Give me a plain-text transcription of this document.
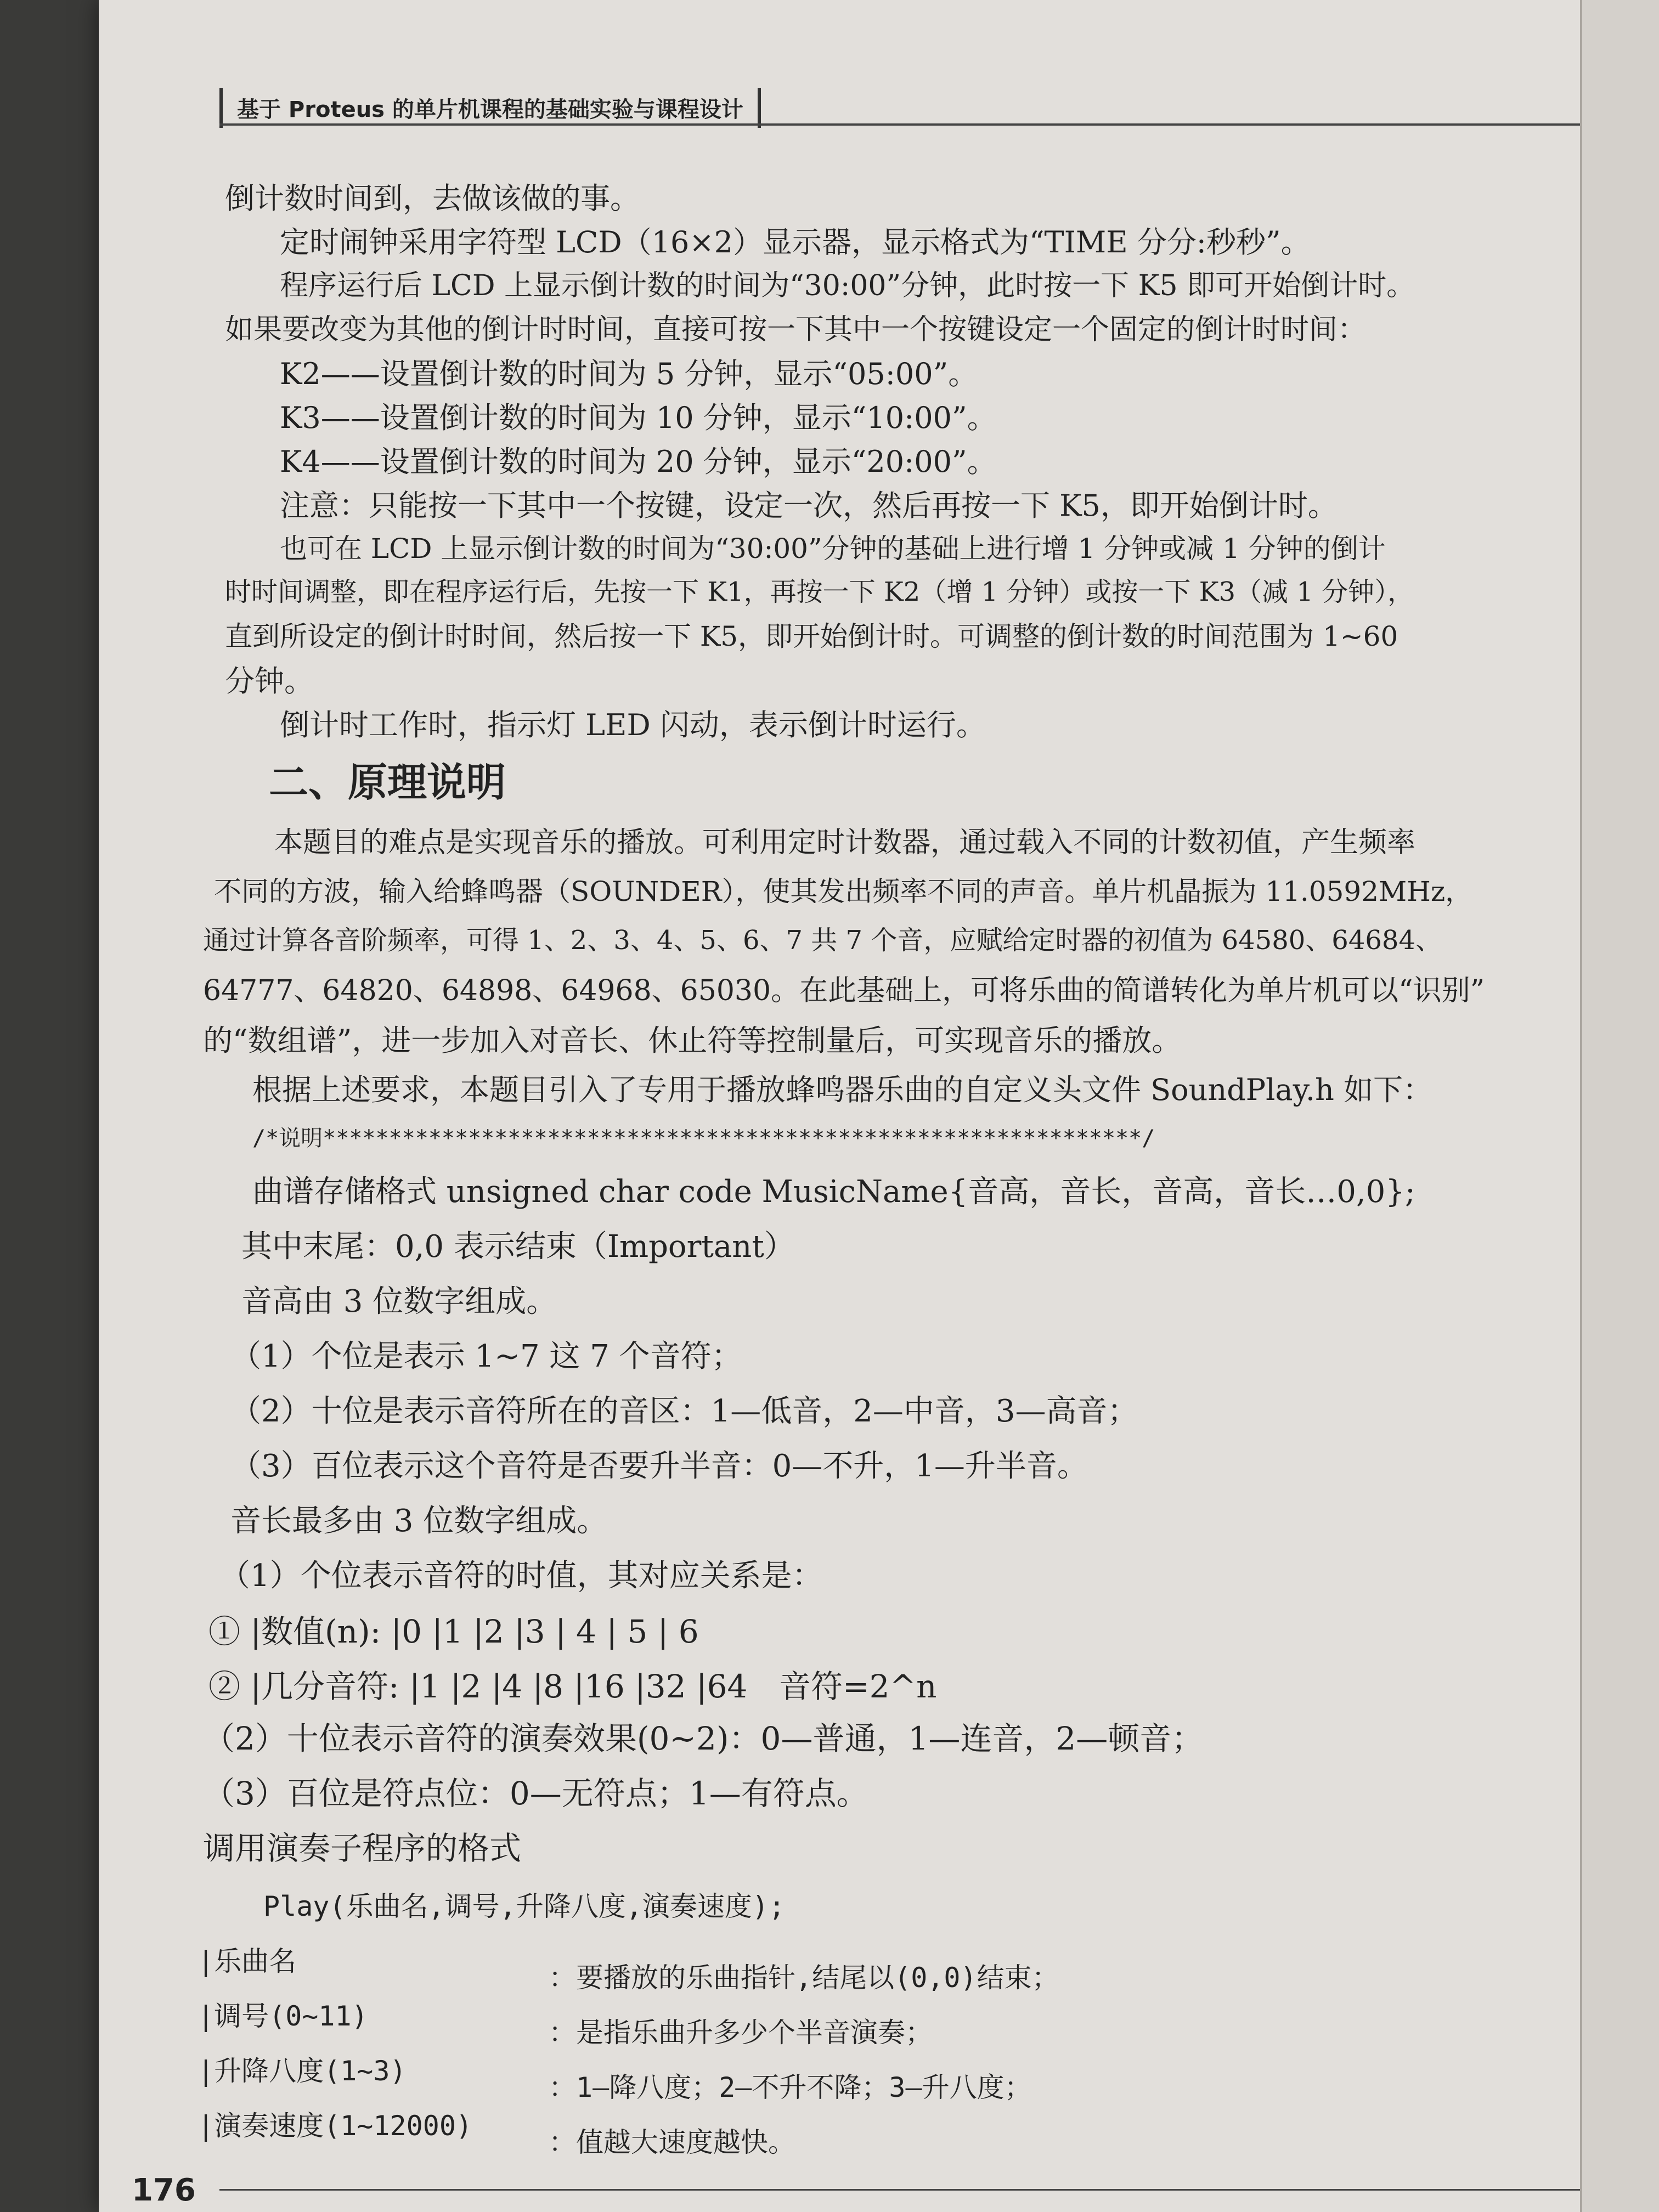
基于 Proteus 的单片机课程的基础实验与课程设计
倒计数时间到，去做该做的事。
定时闹钟采用字符型 LCD（16×2）显示器，显示格式为“TIME 分分:秒秒”。
程序运行后 LCD 上显示倒计数的时间为“30:00”分钟，此时按一下 K5 即可开始倒计时。
如果要改变为其他的倒计时时间，直接可按一下其中一个按键设定一个固定的倒计时时间：
K2——设置倒计数的时间为 5 分钟，显示“05:00”。
K3——设置倒计数的时间为 10 分钟，显示“10:00”。
K4——设置倒计数的时间为 20 分钟，显示“20:00”。
注意：只能按一下其中一个按键，设定一次，然后再按一下 K5，即开始倒计时。
也可在 LCD 上显示倒计数的时间为“30:00”分钟的基础上进行增 1 分钟或减 1 分钟的倒计
时时间调整，即在程序运行后，先按一下 K1，再按一下 K2（增 1 分钟）或按一下 K3（减 1 分钟），
直到所设定的倒计时时间，然后按一下 K5，即开始倒计时。可调整的倒计数的时间范围为 1~60
分钟。
倒计时工作时，指示灯 LED 闪动，表示倒计时运行。
二、原理说明
本题目的难点是实现音乐的播放。可利用定时计数器，通过载入不同的计数初值，产生频率
不同的方波，输入给蜂鸣器（SOUNDER），使其发出频率不同的声音。单片机晶振为 11.0592MHz，
通过计算各音阶频率，可得 1、2、3、4、5、6、7 共 7 个音，应赋给定时器的初值为 64580、64684、
64777、64820、64898、64968、65030。在此基础上，可将乐曲的简谱转化为单片机可以“识别”
的“数组谱”，进一步加入对音长、休止符等控制量后，可实现音乐的播放。
根据上述要求，本题目引入了专用于播放蜂鸣器乐曲的自定义头文件 SoundPlay.h 如下：
/*说明**************************************************************/
曲谱存储格式 unsigned char code MusicName{音高，音长，音高，音长…0,0};
其中末尾：0,0 表示结束（Important）
音高由 3 位数字组成。
（1）个位是表示 1~7 这 7 个音符；
（2）十位是表示音符所在的音区：1—低音，2—中音，3—高音；
（3）百位表示这个音符是否要升半音：0—不升，1—升半音。
音长最多由 3 位数字组成。
（1）个位表示音符的时值，其对应关系是：
① |数值(n): |0 |1 |2 |3 | 4 | 5 | 6
② |几分音符: |1 |2 |4 |8 |16 |32 |64 音符=2^n
（2）十位表示音符的演奏效果(0~2)：0—普通，1—连音，2—顿音；
（3）百位是符点位：0—无符点；1—有符点。
调用演奏子程序的格式
Play(乐曲名,调号,升降八度,演奏速度);
|乐曲名
：要播放的乐曲指针,结尾以(0,0)结束；
|调号(0~11)
：是指乐曲升多少个半音演奏；
|升降八度(1~3)
：1—降八度；2—不升不降；3—升八度；
|演奏速度(1~12000)
：值越大速度越快。
176
